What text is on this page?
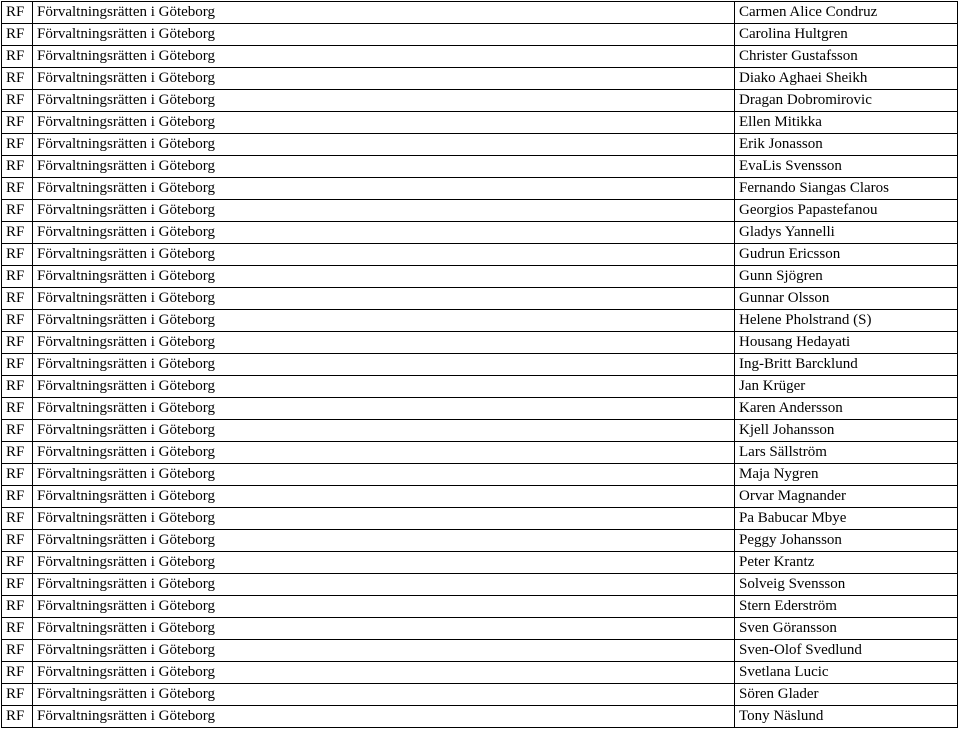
RF	Förvaltningsrätten i Göteborg	Carmen Alice Condruz
RF	Förvaltningsrätten i Göteborg	Carolina Hultgren
RF	Förvaltningsrätten i Göteborg	Christer Gustafsson
RF	Förvaltningsrätten i Göteborg	Diako Aghaei Sheikh
RF	Förvaltningsrätten i Göteborg	Dragan Dobromirovic
RF	Förvaltningsrätten i Göteborg	Ellen Mitikka
RF	Förvaltningsrätten i Göteborg	Erik Jonasson
RF	Förvaltningsrätten i Göteborg	EvaLis Svensson
RF	Förvaltningsrätten i Göteborg	Fernando Siangas Claros
RF	Förvaltningsrätten i Göteborg	Georgios Papastefanou
RF	Förvaltningsrätten i Göteborg	Gladys Yannelli
RF	Förvaltningsrätten i Göteborg	Gudrun Ericsson
RF	Förvaltningsrätten i Göteborg	Gunn Sjögren
RF	Förvaltningsrätten i Göteborg	Gunnar Olsson
RF	Förvaltningsrätten i Göteborg	Helene Pholstrand (S)
RF	Förvaltningsrätten i Göteborg	Housang Hedayati
RF	Förvaltningsrätten i Göteborg	Ing-Britt Barcklund
RF	Förvaltningsrätten i Göteborg	Jan Krüger
RF	Förvaltningsrätten i Göteborg	Karen Andersson
RF	Förvaltningsrätten i Göteborg	Kjell Johansson
RF	Förvaltningsrätten i Göteborg	Lars Sällström
RF	Förvaltningsrätten i Göteborg	Maja Nygren
RF	Förvaltningsrätten i Göteborg	Orvar Magnander
RF	Förvaltningsrätten i Göteborg	Pa Babucar Mbye
RF	Förvaltningsrätten i Göteborg	Peggy Johansson
RF	Förvaltningsrätten i Göteborg	Peter Krantz
RF	Förvaltningsrätten i Göteborg	Solveig Svensson
RF	Förvaltningsrätten i Göteborg	Stern Ederström
RF	Förvaltningsrätten i Göteborg	Sven Göransson
RF	Förvaltningsrätten i Göteborg	Sven-Olof Svedlund
RF	Förvaltningsrätten i Göteborg	Svetlana Lucic
RF	Förvaltningsrätten i Göteborg	Sören Glader
RF	Förvaltningsrätten i Göteborg	Tony Näslund
